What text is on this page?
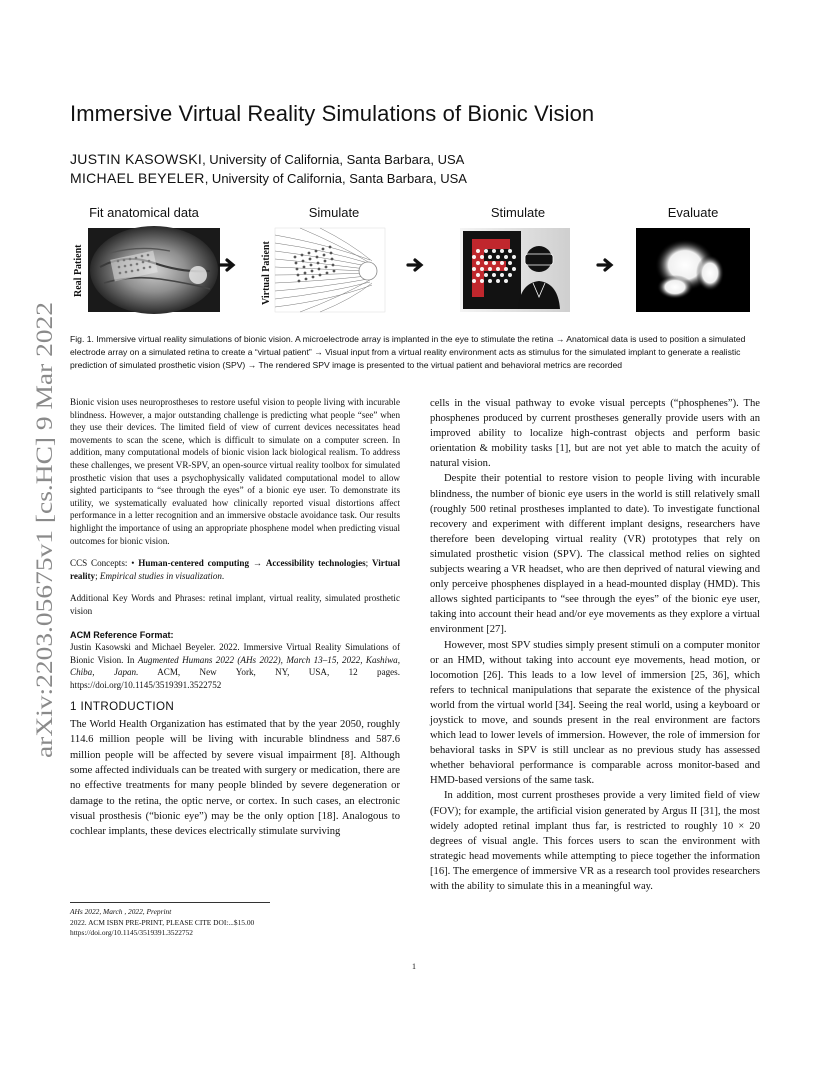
arXiv:2203.05675v1 [cs.HC] 9 Mar 2022
Immersive Virtual Reality Simulations of Bionic Vision
JUSTIN KASOWSKI, University of California, Santa Barbara, USA
MICHAEL BEYELER, University of California, Santa Barbara, USA
Fit anatomical data	Simulate	Stimulate	Evaluate
Real Patient	Virtual Patient

Fig. 1. Immersive virtual reality simulations of bionic vision. A microelectrode array is implanted in the eye to stimulate the retina → Anatomical data is used to position a simulated electrode array on a simulated retina to create a “virtual patient” → Visual input from a virtual reality environment acts as stimulus for the simulated implant to generate a realistic prediction of simulated prosthetic vision (SPV) → The rendered SPV image is presented to the virtual patient and behavioral metrics are recorded

Bionic vision uses neuroprostheses to restore useful vision to people living with incurable blindness. However, a major outstanding challenge is predicting what people “see” when they use their devices. The limited field of view of current devices necessitates head movements to scan the scene, which is difficult to simulate on a computer screen. In addition, many computational models of bionic vision lack biological realism. To address these challenges, we present VR-SPV, an open-source virtual reality toolbox for simulated prosthetic vision that uses a psychophysically validated computational model to allow sighted participants to “see through the eyes” of a bionic eye user. To demonstrate its utility, we systematically evaluated how clinically reported visual distortions affect performance in a letter recognition and an immersive obstacle avoidance task. Our results highlight the importance of using an appropriate phosphene model when predicting visual outcomes for bionic vision.

CCS Concepts: • Human-centered computing → Accessibility technologies; Virtual reality; Empirical studies in visualization.

Additional Key Words and Phrases: retinal implant, virtual reality, simulated prosthetic vision

ACM Reference Format:

Justin Kasowski and Michael Beyeler. 2022. Immersive Virtual Reality Simulations of Bionic Vision. In Augmented Humans 2022 (AHs 2022), March 13–15, 2022, Kashiwa, Chiba, Japan. ACM, New York, NY, USA, 12 pages. https://doi.org/10.1145/3519391.3522752

1 INTRODUCTION

The World Health Organization has estimated that by the year 2050, roughly 114.6 million people will be living with incurable blindness and 587.6 million people will be affected by severe visual impairment [8]. Although some affected individuals can be treated with surgery or medication, there are no effective treatments for many people blinded by severe degeneration or damage to the retina, the optic nerve, or cortex. In such cases, an electronic visual prosthesis (“bionic eye”) may be the only option [18]. Analogous to cochlear implants, these devices electrically stimulate surviving

cells in the visual pathway to evoke visual percepts (“phosphenes”). The phosphenes produced by current prostheses generally provide users with an improved ability to localize high-contrast objects and perform basic orientation & mobility tasks [1], but are not yet able to match the acuity of natural vision.

Despite their potential to restore vision to people living with incurable blindness, the number of bionic eye users in the world is still relatively small (roughly 500 retinal prostheses implanted to date). To investigate functional recovery and experiment with different implant designs, researchers have therefore been developing virtual reality (VR) prototypes that rely on simulated prosthetic vision (SPV). The classical method relies on sighted subjects wearing a VR headset, who are then deprived of natural viewing and only perceive phosphenes displayed in a head-mounted display (HMD). This allows sighted participants to “see through the eyes” of the bionic eye user, taking into account their head and/or eye movements as they explore a virtual environment [27].

However, most SPV studies simply present stimuli on a computer monitor or an HMD, without taking into account eye movements, head motion, or locomotion [26]. This leads to a low level of immersion [25, 36], which refers to technical manipulations that separate the existence of the physical world from the virtual world [34]. Seeing the real world, using a keyboard or joystick to move, and sounds present in the real environment are factors which lead to lower levels of immersion. However, the role of immersion for behavioral tasks in SPV is still unclear as no previous study has assessed whether behavioral performance is comparable across monitor-based and HMD-based versions of the same task.

In addition, most current prostheses provide a very limited field of view (FOV); for example, the artificial vision generated by Argus II [31], the most widely adopted retinal implant thus far, is restricted to roughly 10 × 20 degrees of visual angle. This forces users to scan the environment with strategic head movements while attempting to piece together the information [16]. The emergence of immersive VR as a research tool provides researchers with the ability to simulate this in a meaningful way.

AHs 2022, March , 2022, Preprint
2022. ACM ISBN PRE-PRINT, PLEASE CITE DOI:...$15.00
https://doi.org/10.1145/3519391.3522752
1
